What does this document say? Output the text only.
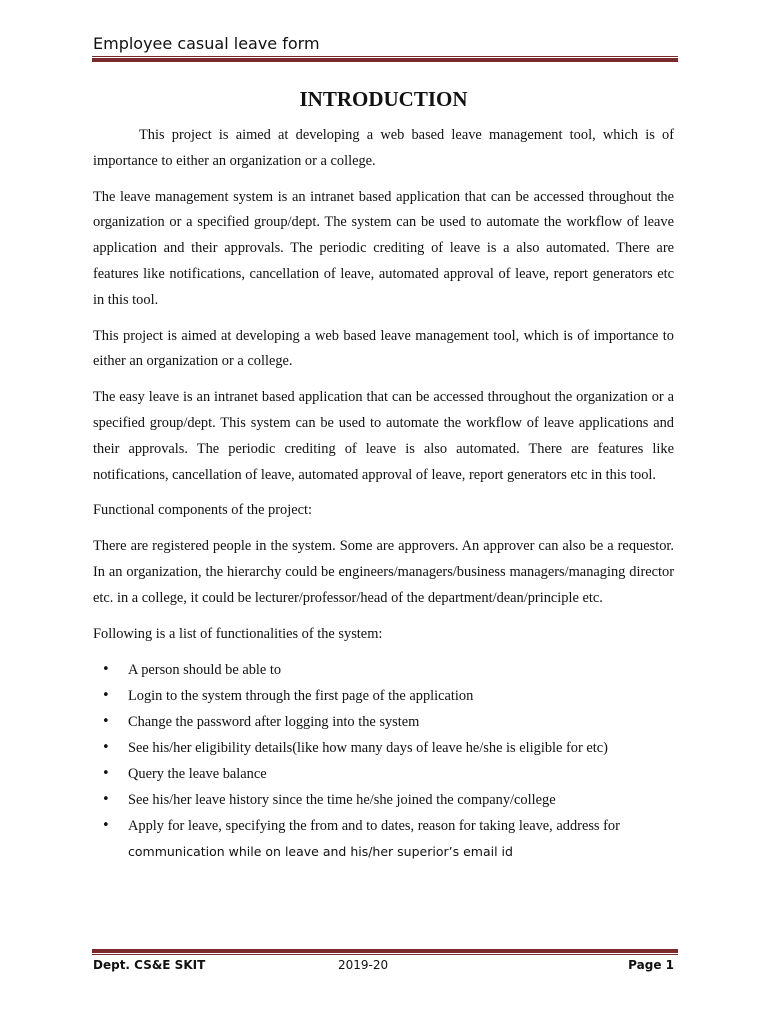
Employee casual leave form
INTRODUCTION

This project is aimed at developing a web based leave management tool, which is of importance to either an organization or a college.

The leave management system is an intranet based application that can be accessed throughout the organization or a specified group/dept. The system can be used to automate the workflow of leave application and their approvals. The periodic crediting of leave is a also automated. There are features like notifications, cancellation of leave, automated approval of leave, report generators etc in this tool.

This project is aimed at developing a web based leave management tool, which is of importance to either an organization or a college.

The easy leave is an intranet based application that can be accessed throughout the organization or a specified group/dept. This system can be used to automate the workflow of leave applications and their approvals. The periodic crediting of leave is also automated. There are features like notifications, cancellation of leave, automated approval of leave, report generators etc in this tool.

Functional components of the project:

There are registered people in the system. Some are approvers. An approver can also be a requestor. In an organization, the hierarchy could be engineers/managers/business managers/managing director etc. in a college, it could be lecturer/professor/head of the department/dean/principle etc.

Following is a list of functionalities of the system:

• A person should be able to
• Login to the system through the first page of the application
• Change the password after logging into the system
• See his/her eligibility details(like how many days of leave he/she is eligible for etc)
• Query the leave balance
• See his/her leave history since the time he/she joined the company/college
• Apply for leave, specifying the from and to dates, reason for taking leave, address for
communication while on leave and his/her superior’s email id
Dept. CS&E SKIT	2019-20	Page 1
